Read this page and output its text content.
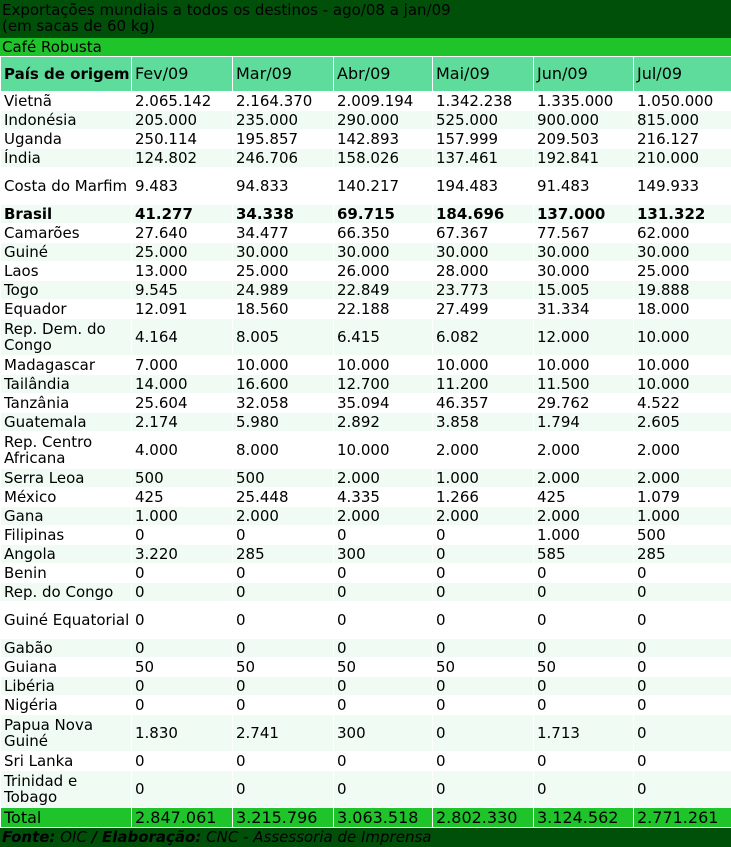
Exportações mundiais a todos os destinos - ago/08 a jan/09
(em sacas de 60 kg)
Café Robusta
País de origem	Fev/09	Mar/09	Abr/09	Mai/09	Jun/09	Jul/09
Vietnã	2.065.142	2.164.370	2.009.194	1.342.238	1.335.000	1.050.000
Indonésia	205.000	235.000	290.000	525.000	900.000	815.000
Uganda	250.114	195.857	142.893	157.999	209.503	216.127
Índia	124.802	246.706	158.026	137.461	192.841	210.000
Costa do Marfim	9.483	94.833	140.217	194.483	91.483	149.933
Brasil	41.277	34.338	69.715	184.696	137.000	131.322
Camarões	27.640	34.477	66.350	67.367	77.567	62.000
Guiné	25.000	30.000	30.000	30.000	30.000	30.000
Laos	13.000	25.000	26.000	28.000	30.000	25.000
Togo	9.545	24.989	22.849	23.773	15.005	19.888
Equador	12.091	18.560	22.188	27.499	31.334	18.000
Rep. Dem. do Congo	4.164	8.005	6.415	6.082	12.000	10.000
Madagascar	7.000	10.000	10.000	10.000	10.000	10.000
Tailândia	14.000	16.600	12.700	11.200	11.500	10.000
Tanzânia	25.604	32.058	35.094	46.357	29.762	4.522
Guatemala	2.174	5.980	2.892	3.858	1.794	2.605
Rep. Centro Africana	4.000	8.000	10.000	2.000	2.000	2.000
Serra Leoa	500	500	2.000	1.000	2.000	2.000
México	425	25.448	4.335	1.266	425	1.079
Gana	1.000	2.000	2.000	2.000	2.000	1.000
Filipinas	0	0	0	0	1.000	500
Angola	3.220	285	300	0	585	285
Benin	0	0	0	0	0	0
Rep. do Congo	0	0	0	0	0	0
Guiné Equatorial	0	0	0	0	0	0
Gabão	0	0	0	0	0	0
Guiana	50	50	50	50	50	0
Libéria	0	0	0	0	0	0
Nigéria	0	0	0	0	0	0
Papua Nova Guiné	1.830	2.741	300	0	1.713	0
Sri Lanka	0	0	0	0	0	0
Trinidad e Tobago	0	0	0	0	0	0
Total	2.847.061	3.215.796	3.063.518	2.802.330	3.124.562	2.771.261
Fonte: OIC / Elaboração: CNC - Assessoria de Imprensa
